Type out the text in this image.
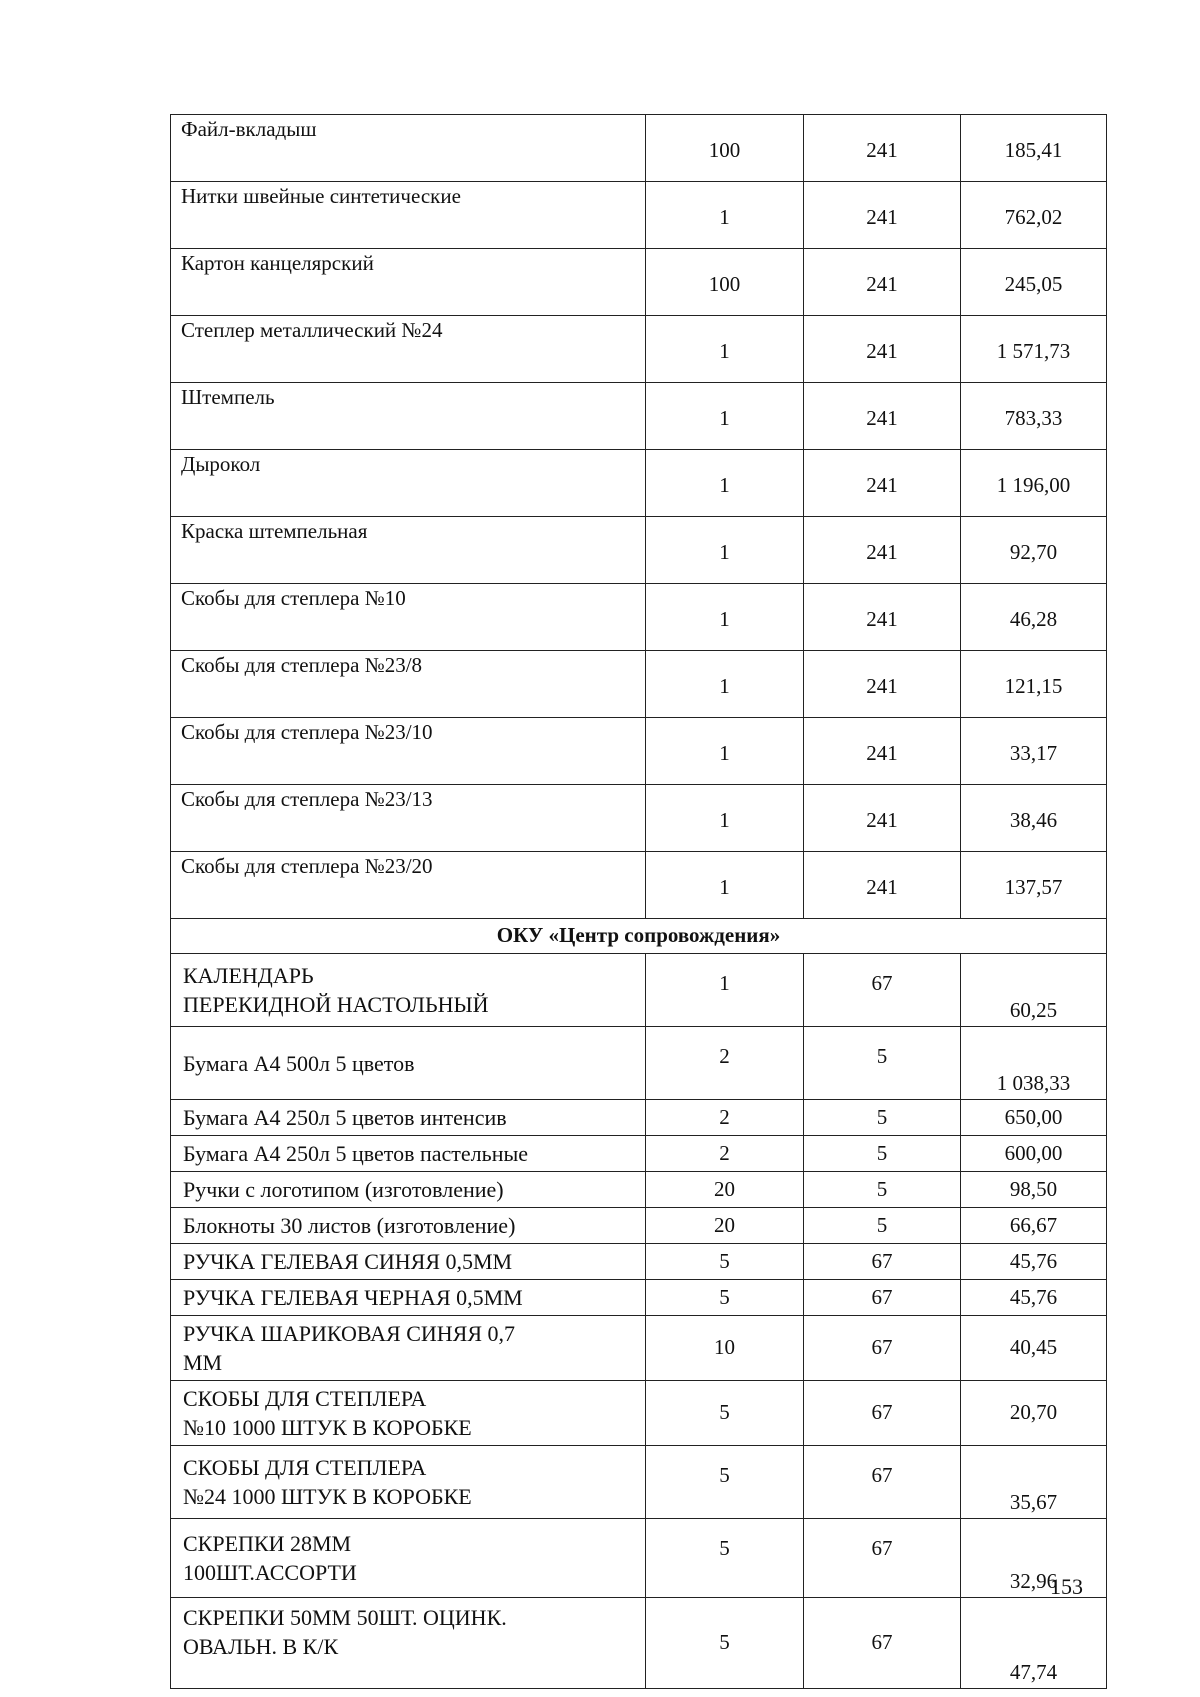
Файл-вкладыш	100	241	185,41
Нитки швейные синтетические	1	241	762,02
Картон канцелярский	100	241	245,05
Степлер металлический №24	1	241	1 571,73
Штемпель	1	241	783,33
Дырокол	1	241	1 196,00
Краска штемпельная	1	241	92,70
Скобы для степлера №10	1	241	46,28
Скобы для степлера №23/8	1	241	121,15
Скобы для степлера №23/10	1	241	33,17
Скобы для степлера №23/13	1	241	38,46
Скобы для степлера №23/20	1	241	137,57
ОКУ «Центр сопровождения»			

КАЛЕНДАРЬ
ПЕРЕКИДНОЙ НАСТОЛЬНЫЙ	1	67	60,25

Бумага А4 500л 5 цветов	2	5	1 038,33

Бумага А4 250л 5 цветов интенсив	2	5	650,00

Бумага А4 250л 5 цветов пастельные	2	5	600,00

Ручки с логотипом (изготовление)	20	5	98,50

Блокноты 30 листов (изготовление)	20	5	66,67

РУЧКА ГЕЛЕВАЯ СИНЯЯ 0,5ММ	5	67	45,76

РУЧКА ГЕЛЕВАЯ ЧЕРНАЯ 0,5ММ	5	67	45,76

РУЧКА ШАРИКОВАЯ СИНЯЯ 0,7
ММ	10	67	40,45

СКОБЫ ДЛЯ СТЕПЛЕРА
№10 1000 ШТУК В КОРОБКЕ	5	67	20,70

СКОБЫ ДЛЯ СТЕПЛЕРА
№24 1000 ШТУК В КОРОБКЕ	5	67	35,67

СКРЕПКИ 28ММ
100ШТ.АССОРТИ	5	67	32,96

СКРЕПКИ 50ММ 50ШТ. ОЦИНК.
ОВАЛЬН. В К/К	5	67	47,74
153
